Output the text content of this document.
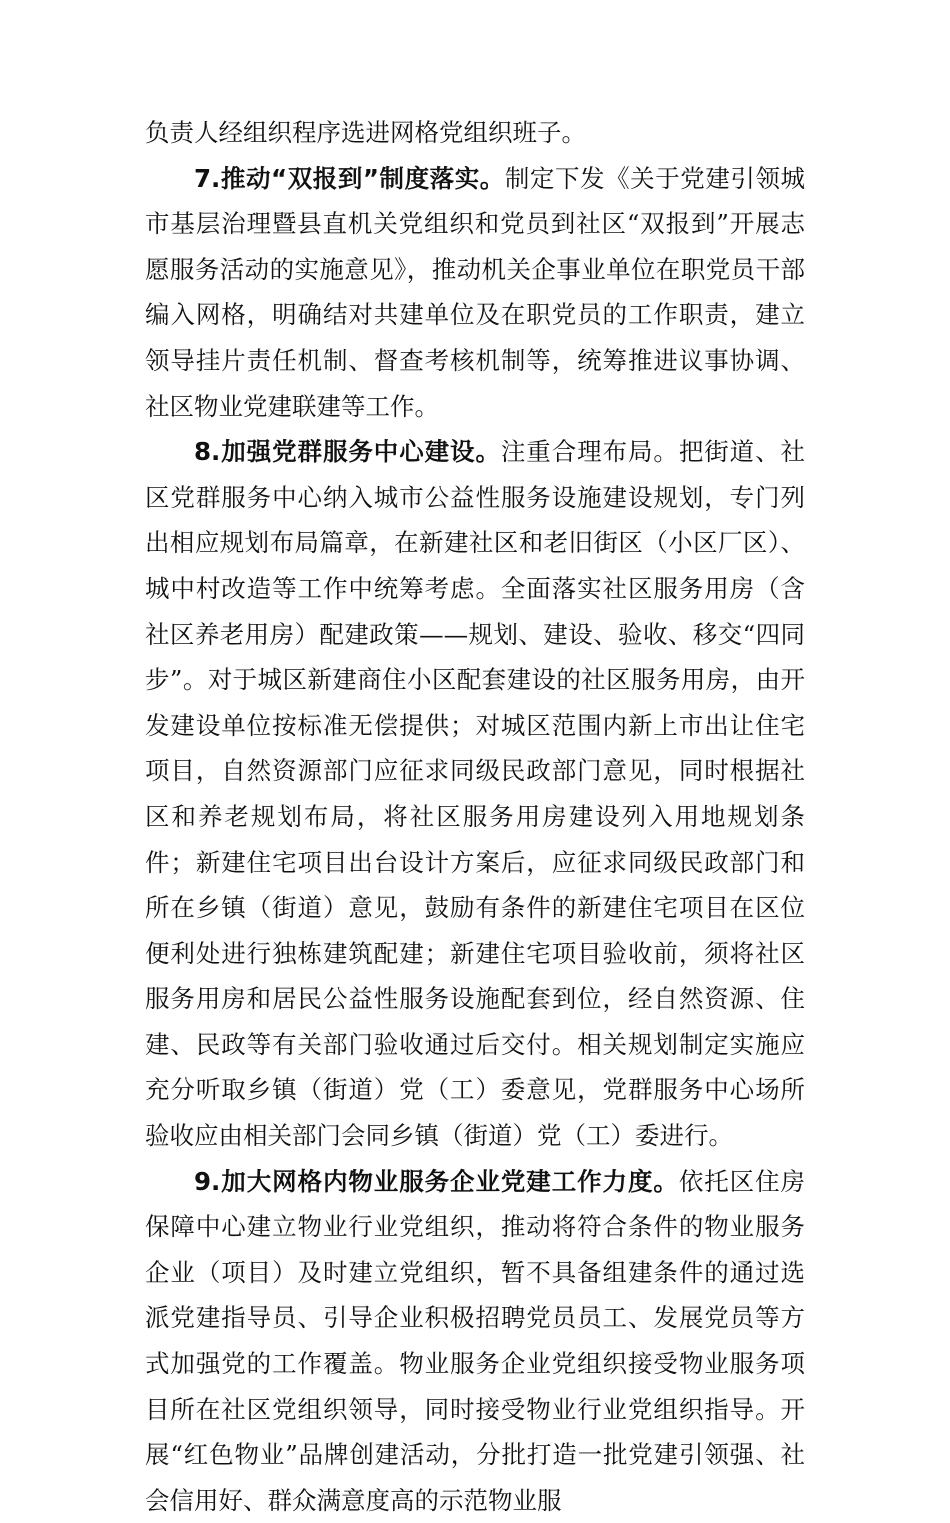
负责人经组织程序选进网格党组织班子。

7.推动“双报到”制度落实。制定下发《关于党建引领城市基层治理暨县直机关党组织和党员到社区“双报到”开展志愿服务活动的实施意见》，推动机关企事业单位在职党员干部编入网格，明确结对共建单位及在职党员的工作职责，建立领导挂片责任机制、督查考核机制等，统筹推进议事协调、社区物业党建联建等工作。

8.加强党群服务中心建设。注重合理布局。把街道、社区党群服务中心纳入城市公益性服务设施建设规划，专门列出相应规划布局篇章，在新建社区和老旧街区（小区厂区）、城中村改造等工作中统筹考虑。全面落实社区服务用房（含社区养老用房）配建政策——规划、建设、验收、移交“四同步”。对于城区新建商住小区配套建设的社区服务用房，由开发建设单位按标准无偿提供；对城区范围内新上市出让住宅项目，自然资源部门应征求同级民政部门意见，同时根据社区和养老规划布局，将社区服务用房建设列入用地规划条件；新建住宅项目出台设计方案后，应征求同级民政部门和所在乡镇（街道）意见，鼓励有条件的新建住宅项目在区位便利处进行独栋建筑配建；新建住宅项目验收前，须将社区服务用房和居民公益性服务设施配套到位，经自然资源、住建、民政等有关部门验收通过后交付。相关规划制定实施应充分听取乡镇（街道）党（工）委意见，党群服务中心场所验收应由相关部门会同乡镇（街道）党（工）委进行。

9.加大网格内物业服务企业党建工作力度。依托区住房保障中心建立物业行业党组织，推动将符合条件的物业服务企业（项目）及时建立党组织，暂不具备组建条件的通过选派党建指导员、引导企业积极招聘党员员工、发展党员等方式加强党的工作覆盖。物业服务企业党组织接受物业服务项目所在社区党组织领导，同时接受物业行业党组织指导。开展“红色物业”品牌创建活动，分批打造一批党建引领强、社会信用好、群众满意度高的示范物业服
